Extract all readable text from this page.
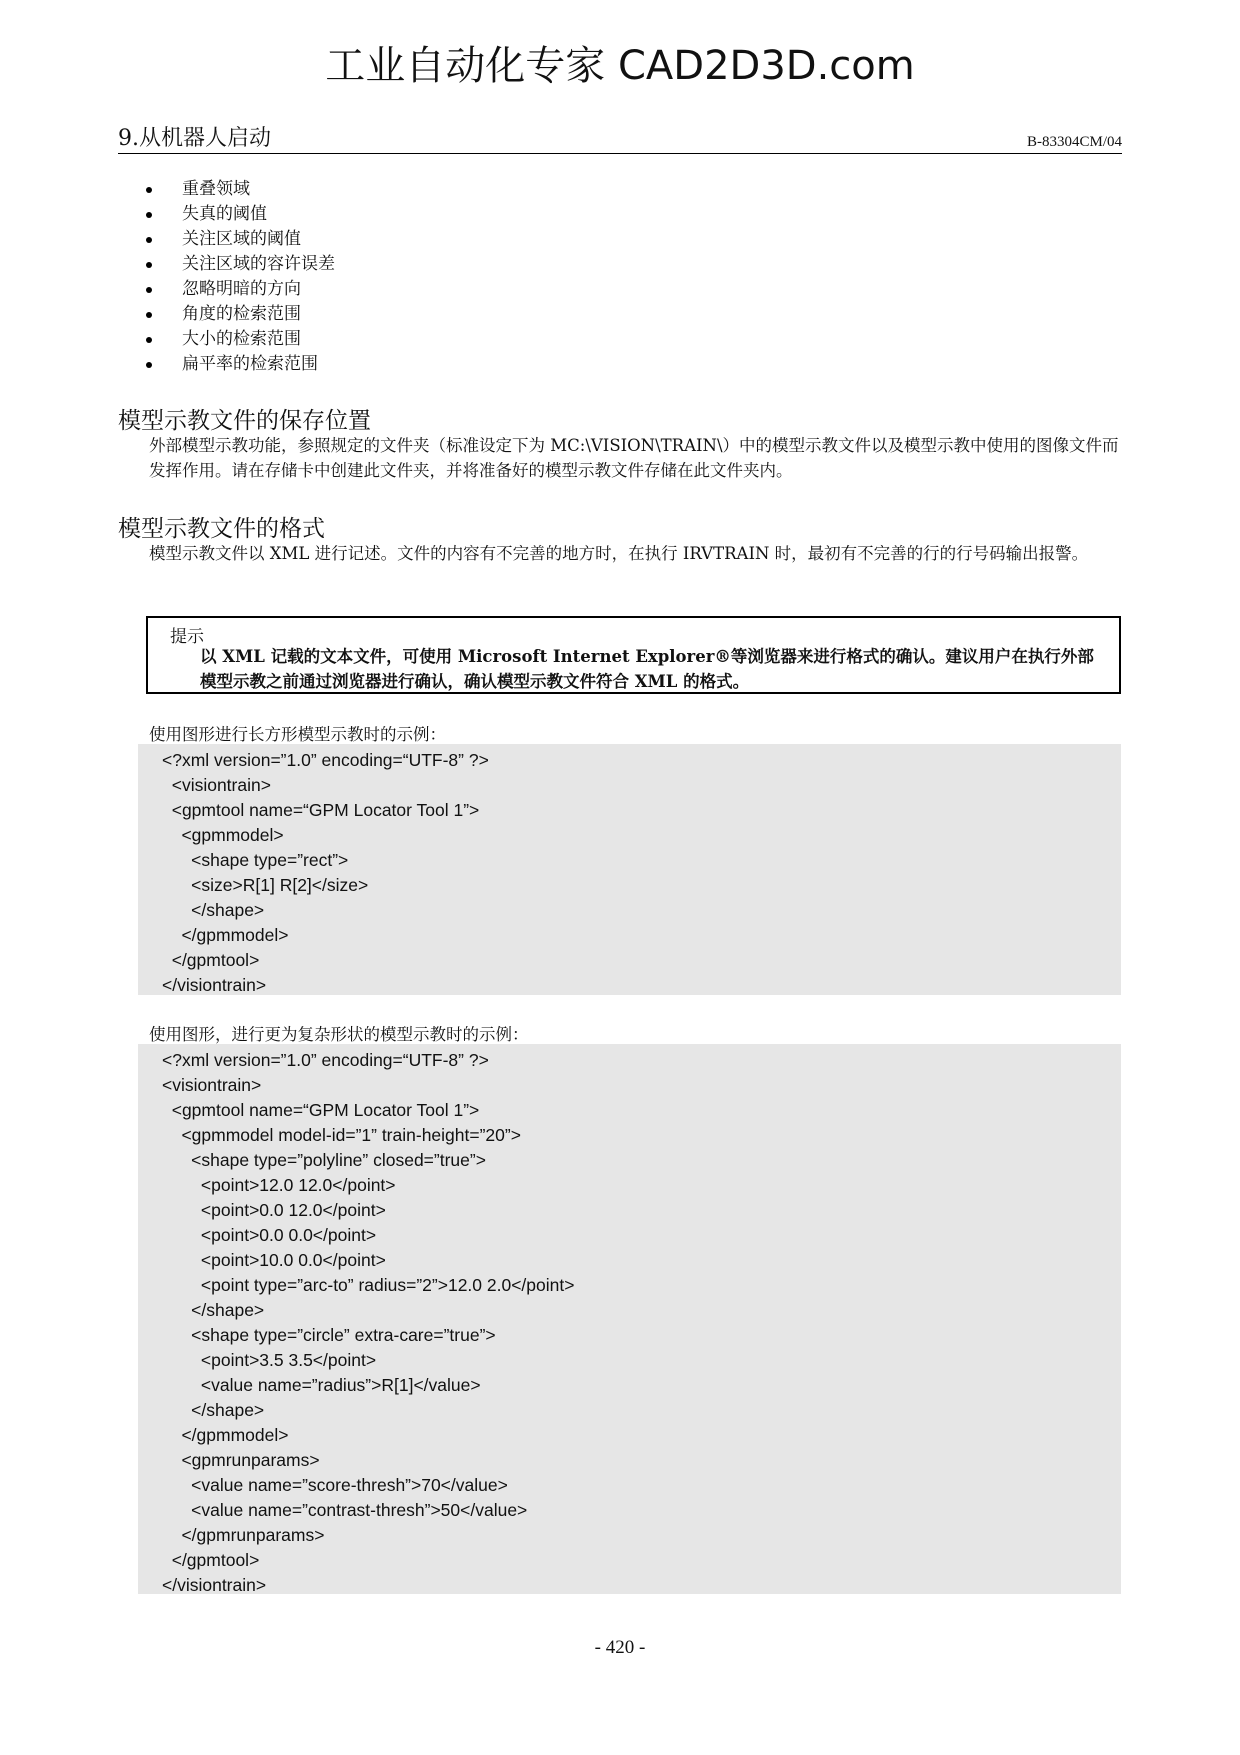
工业自动化专家 CAD2D3D.com
9.从机器人启动	B-83304CM/04
重叠领域
失真的阈值
关注区域的阈值
关注区域的容许误差
忽略明暗的方向
角度的检索范围
大小的检索范围
扁平率的检索范围
模型示教文件的保存位置
外部模型示教功能，参照规定的文件夹（标准设定下为 MC:\VISION\TRAIN\）中的模型示教文件以及模型示教中使用的图像文件而发挥作用。请在存储卡中创建此文件夹，并将准备好的模型示教文件存储在此文件夹内。
模型示教文件的格式
模型示教文件以 XML 进行记述。文件的内容有不完善的地方时，在执行 IRVTRAIN 时，最初有不完善的行的行号码输出报警。
提示
以 XML 记载的文本文件，可使用 Microsoft Internet Explorer®等浏览器来进行格式的确认。建议用户在执行外部模型示教之前通过浏览器进行确认，确认模型示教文件符合 XML 的格式。
使用图形进行长方形模型示教时的示例：
<?xml version=”1.0” encoding=“UTF-8” ?>
<visiontrain>
<gpmtool name=“GPM Locator Tool 1”>
<gpmmodel>
<shape type=”rect”>
<size>R[1] R[2]</size>
</shape>
</gpmmodel>
</gpmtool>
</visiontrain>
使用图形，进行更为复杂形状的模型示教时的示例：
<?xml version=”1.0” encoding=“UTF-8” ?>
<visiontrain>
<gpmtool name=“GPM Locator Tool 1”>
<gpmmodel model-id=”1” train-height=”20”>
<shape type=”polyline” closed=”true”>
<point>12.0 12.0</point>
<point>0.0 12.0</point>
<point>0.0 0.0</point>
<point>10.0 0.0</point>
<point type=”arc-to” radius=”2”>12.0 2.0</point>
</shape>
<shape type=”circle” extra-care=”true”>
<point>3.5 3.5</point>
<value name=”radius”>R[1]</value>
</shape>
</gpmmodel>
<gpmrunparams>
<value name=”score-thresh”>70</value>
<value name=”contrast-thresh”>50</value>
</gpmrunparams>
</gpmtool>
</visiontrain>
- 420 -
